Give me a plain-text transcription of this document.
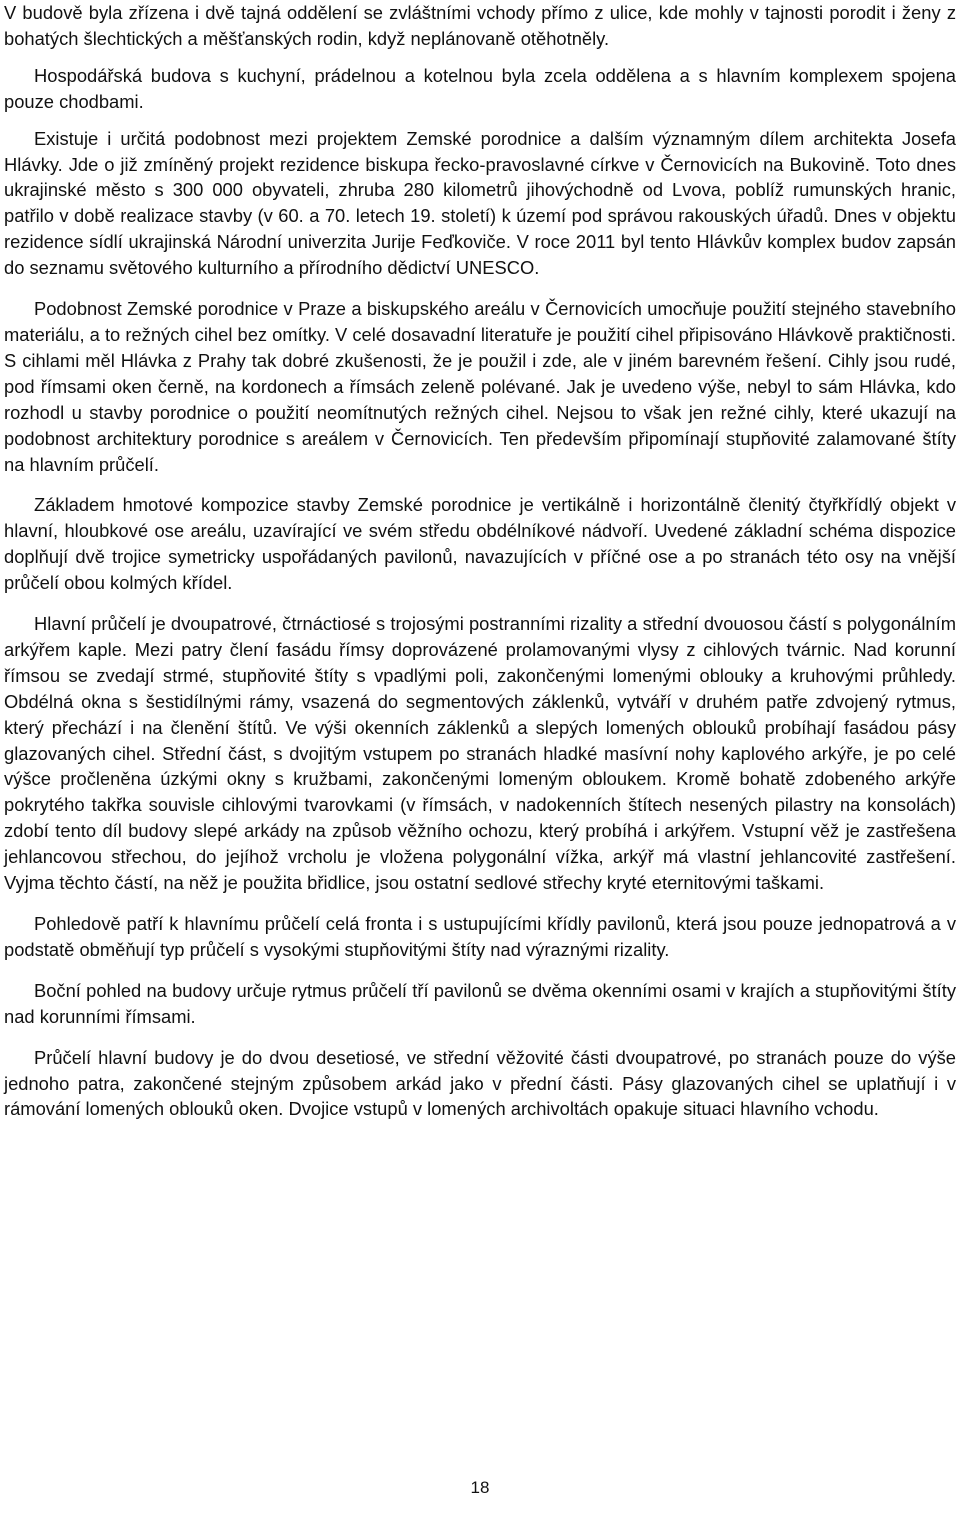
V budově byla zřízena i dvě tajná oddělení se zvláštními vchody přímo z ulice, kde mohly v tajnosti porodit i ženy z bohatých šlechtických a měšťanských rodin, když neplánovaně otěhotněly.

Hospodářská budova s kuchyní, prádelnou a kotelnou byla zcela oddělena a s hlavním komplexem spojena pouze chodbami.

Existuje i určitá podobnost mezi projektem Zemské porodnice a dalším významným dílem architekta Josefa Hlávky. Jde o již zmíněný projekt rezidence biskupa řecko-pravoslavné církve v Černovicích na Bukovině. Toto dnes ukrajinské město s 300 000 obyvateli, zhruba 280 kilometrů jihovýchodně od Lvova, poblíž rumunských hranic, patřilo v době realizace stavby (v 60. a 70. letech 19. století) k území pod správou rakouských úřadů. Dnes v objektu rezidence sídlí ukrajinská Národní univerzita Jurije Feďkoviče. V roce 2011 byl tento Hlávkův komplex budov zapsán do seznamu světového kulturního a přírodního dědictví UNESCO.

Podobnost Zemské porodnice v Praze a biskupského areálu v Černovicích umocňuje použití stejného stavebního materiálu, a to režných cihel bez omítky. V celé dosavadní literatuře je použití cihel připisováno Hlávkově praktičnosti. S cihlami měl Hlávka z Prahy tak dobré zkušenosti, že je použil i zde, ale v jiném barevném řešení. Cihly jsou rudé, pod římsami oken černě, na kordonech a římsách zeleně polévané. Jak je uvedeno výše, nebyl to sám Hlávka, kdo rozhodl u stavby porodnice o použití neomítnutých režných cihel. Nejsou to však jen režné cihly, které ukazují na podobnost architektury porodnice s areálem v Černovicích. Ten především připomínají stupňovité zalamované štíty na hlavním průčelí.

Základem hmotové kompozice stavby Zemské porodnice je vertikálně i horizontálně členitý čtyřkřídlý objekt v hlavní, hloubkové ose areálu, uzavírající ve svém středu obdélníkové nádvoří. Uvedené základní schéma dispozice doplňují dvě trojice symetricky uspořádaných pavilonů, navazujících v příčné ose a po stranách této osy na vnější průčelí obou kolmých křídel.

Hlavní průčelí je dvoupatrové, čtrnáctiosé s trojosými postranními rizality a střední dvouosou částí s polygonálním arkýřem kaple. Mezi patry člení fasádu římsy doprovázené prolamovanými vlysy z cihlových tvárnic. Nad korunní římsou se zvedají strmé, stupňovité štíty s vpadlými poli, zakončenými lomenými oblouky a kruhovými průhledy. Obdélná okna s šestidílnými rámy, vsazená do segmentových záklenků, vytváří v druhém patře zdvojený rytmus, který přechází i na členění štítů. Ve výši okenních záklenků a slepých lomených oblouků probíhají fasádou pásy glazovaných cihel. Střední část, s dvojitým vstupem po stranách hladké masívní nohy kaplového arkýře, je po celé výšce pročleněna úzkými okny s kružbami, zakončenými lomeným obloukem. Kromě bohatě zdobeného arkýře pokrytého takřka souvisle cihlovými tvarovkami (v římsách, v nadokenních štítech nesených pilastry na konsolách) zdobí tento díl budovy slepé arkády na způsob věžního ochozu, který probíhá i arkýřem. Vstupní věž je zastřešena jehlancovou střechou, do jejíhož vrcholu je vložena polygonální vížka, arkýř má vlastní jehlancovité zastřešení. Vyjma těchto částí, na něž je použita břidlice, jsou ostatní sedlové střechy kryté eternitovými taškami.

Pohledově patří k hlavnímu průčelí celá fronta i s ustupujícími křídly pavilonů, která jsou pouze jednopatrová a v podstatě obměňují typ průčelí s vysokými stupňovitými štíty nad výraznými rizality.

Boční pohled na budovy určuje rytmus průčelí tří pavilonů se dvěma okenními osami v krajích a stupňovitými štíty nad korunními římsami.

Průčelí hlavní budovy je do dvou desetiosé, ve střední věžovité části dvoupatrové, po stranách pouze do výše jednoho patra, zakončené stejným způsobem arkád jako v přední části. Pásy glazovaných cihel se uplatňují i v rámování lomených oblouků oken. Dvojice vstupů v lomených archivoltách opakuje situaci hlavního vchodu.

18
